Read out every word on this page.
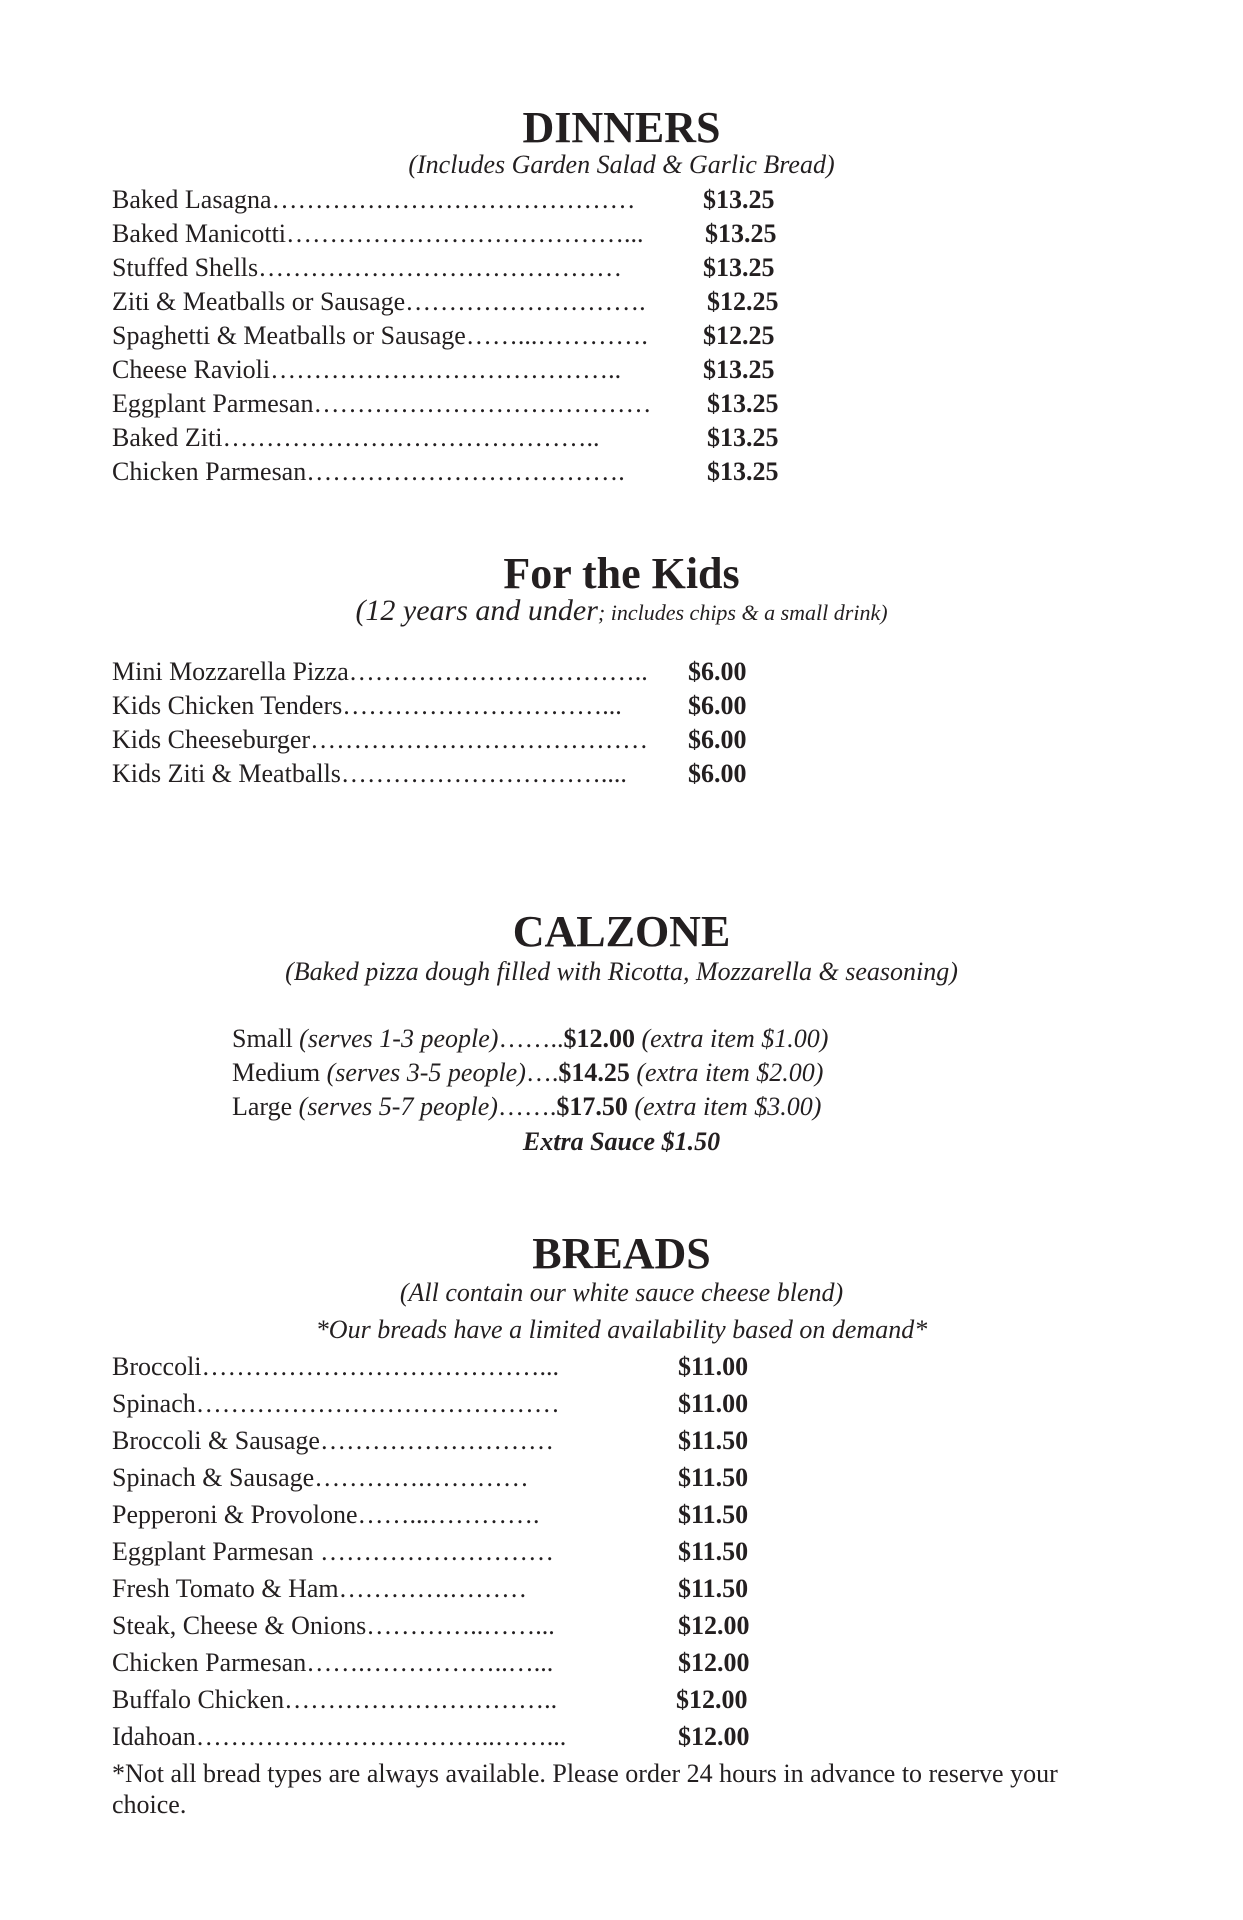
DINNERS
(Includes Garden Salad & Garlic Bread)
Baked Lasagna……………………………………	$13.25
Baked Manicotti…………………………………... $13.25
Stuffed Shells……………………………………	$13.25
Ziti & Meatballs or Sausage………………………. $12.25
Spaghetti & Meatballs or Sausage……...…………. $12.25
Cheese Ravioli…………………………………..	$13.25
Eggplant Parmesan………………………………… $13.25
Baked Ziti……………………………………..	$13.25
Chicken Parmesan……………………………….	$13.25
For the Kids
(12 years and under; includes chips & a small drink)
Mini Mozzarella Pizza…………………………….. $6.00
Kids Chicken Tenders…………………………...	$6.00
Kids Cheeseburger………………………………… $6.00
Kids Ziti & Meatballs………………………….... $6.00
CALZONE
(Baked pizza dough filled with Ricotta, Mozzarella & seasoning)
Small (serves 1-3 people)……..$12.00 (extra item $1.00)
Medium (serves 3-5 people)….$14.25 (extra item $2.00)
Large (serves 5-7 people)…….$17.50 (extra item $3.00)
Extra Sauce $1.50
BREADS
(All contain our white sauce cheese blend)
*Our breads have a limited availability based on demand*
Broccoli…………………………………...	$11.00
Spinach……………………………………	$11.00
Broccoli & Sausage………………………	$11.50
Spinach & Sausage………….…………	$11.50
Pepperoni & Provolone……...………….	$11.50
Eggplant Parmesan ………………………	$11.50
Fresh Tomato & Ham………….………	$11.50
Steak, Cheese & Onions…………..……...	$12.00
Chicken Parmesan…….……………..…...	$12.00
Buffalo Chicken…………………………..	$12.00
Idahoan……………………………..……...	$12.00
*Not all bread types are always available. Please order 24 hours in advance to reserve your choice.
